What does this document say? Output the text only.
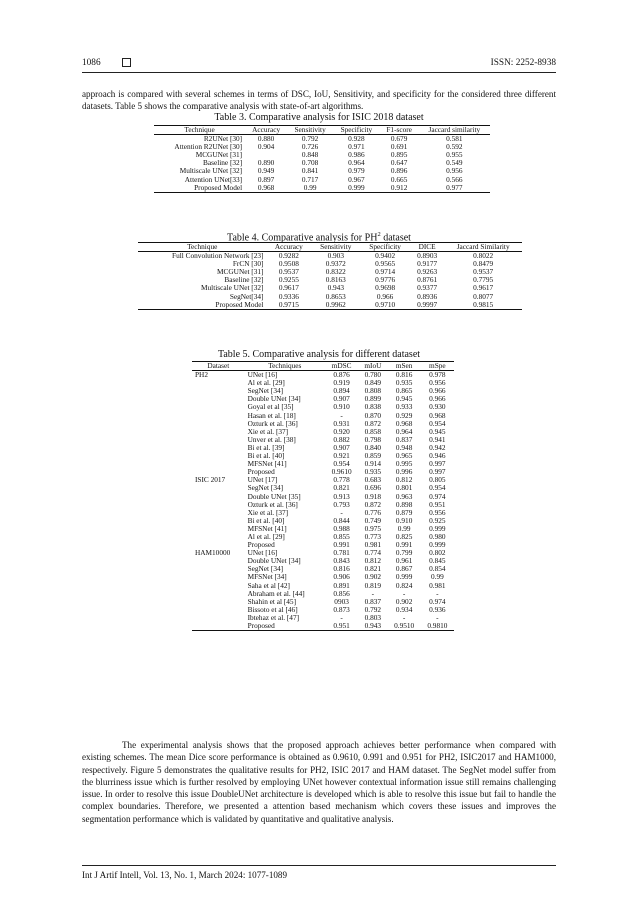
1086	ISSN: 2252-8938
approach is compared with several schemes in terms of DSC, IoU, Sensitivity, and specificity for the considered three different datasets. Table 5 shows the comparative analysis with state-of-art algorithms.
Table 3. Comparative analysis for ISIC 2018 dataset
Technique	Accuracy	Sensitivity	Specificity	F1-score	Jaccard similarity
R2UNet [30]	0.880	0.792	0.928	0.679	0.581
Attention R2UNet [30]	0.904	0.726	0.971	0.691	0.592
MCGUNet [31]		0.848	0.986	0.895	0.955
Baseline [32]	0.890	0.708	0.964	0.647	0.549
Multiscale UNet [32]	0.949	0.841	0.979	0.896	0.956
Attention UNet[33]	0.897	0.717	0.967	0.665	0.566
Proposed Model	0.968	0.99	0.999	0.912	0.977
Table 4. Comparative analysis for $PH^2$ dataset
Technique	Accuracy	Sensitivity	Specificity	DICE	Jaccard Similarity
Full Convolution Network [23]	0.9282	0.903	0.9402	0.8903	0.8022
FrCN [30]	0.9508	0.9372	0.9565	0.9177	0.8479
MCGUNet [31]	0.9537	0.8322	0.9714	0.9263	0.9537
Baseline [32]	0.9255	0.8163	0.9776	0.8761	0.7795
Multiscale UNet [32]	0.9617	0.943	0.9698	0.9377	0.9617
SegNet[34]	0.9336	0.8653	0.966	0.8936	0.8077
Proposed Model	0.9715	0.9962	0.9710	0.9997	0.9815
Table 5. Comparative analysis for different dataset
Dataset	Techniques	mDSC	mIoU	mSen	mSpe
PH2	UNet [16]	0.876	0.780	0.816	0.978
	Al et al. [29]	0.919	0.849	0.935	0.956
	SegNet [34]	0.894	0.808	0.865	0.966
	Double UNet [34]	0.907	0.899	0.945	0.966
	Goyal et al [35]	0.910	0.838	0.933	0.930
	Hasan et al. [18]	-	0.870	0.929	0.968
	Ozturk et al. [36]	0.931	0.872	0.968	0.954
	Xie et al. [37]	0.920	0.858	0.964	0.945
	Unver et al. [38]	0.882	0.798	0.837	0.941
	Bi et al. [39]	0.907	0.840	0.948	0.942
	Bi et al. [40]	0.921	0.859	0.965	0.946
	MFSNet [41]	0.954	0.914	0.995	0.997
	Proposed	0.9610	0.935	0.996	0.997
ISIC 2017	UNet [17]	0.778	0.683	0.812	0.805
	SegNet [34]	0.821	0.696	0.801	0.954
	Double UNet [35]	0.913	0.918	0.963	0.974
	Ozturk et al. [36]	0.793	0.872	0.898	0.951
	Xie et al. [37]	-	0.776	0.879	0.956
	Bi et al. [40]	0.844	0.749	0.910	0.925
	MFSNet [41]	0.988	0.975	0.99	0.999
	Al et al. [29]	0.855	0.773	0.825	0.980
	Proposed	0.991	0.981	0.991	0.999
HAM10000	UNet [16]	0.781	0.774	0.799	0.802
	Double UNet [34]	0.843	0.812	0.961	0.845
	SegNet [34]	0.816	0.821	0.867	0.854
	MFSNet [34]	0.906	0.902	0.999	0.99
	Saha et al [42]	0.891	0.819	0.824	0.981
	Abraham et al. [44]	0.856	-	-	-
	Shahin et al [45]	0903	0.837	0.902	0.974
	Bissoto et al [46]	0.873	0.792	0.934	0.936
	Ibtehaz et al. [47]	-	0.803	-	-
	Proposed	0.951	0.943	0.9510	0.9810
The experimental analysis shows that the proposed approach achieves better performance when compared with existing schemes. The mean Dice score performance is obtained as 0.9610, 0.991 and 0.951 for PH2, ISIC2017 and HAM1000, respectively. Figure 5 demonstrates the qualitative results for PH2, ISIC 2017 and HAM dataset. The SegNet model suffer from the blurriness issue which is further resolved by employing UNet however contextual information issue still remains challenging issue. In order to resolve this issue DoubleUNet architecture is developed which is able to resolve this issue but fail to handle the complex boundaries. Therefore, we presented a attention based mechanism which covers these issues and improves the segmentation performance which is validated by quantitative and qualitative analysis.
Int J Artif Intell, Vol. 13, No. 1, March 2024: 1077-1089
